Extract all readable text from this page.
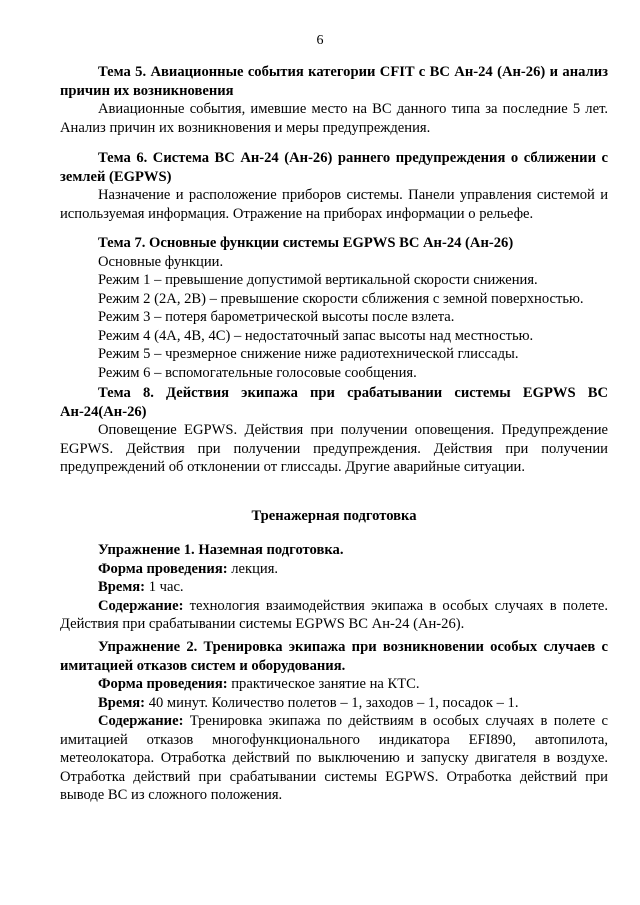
6
Тема 5. Авиационные события категории CFIT с ВС Ан-24 (Ан-26) и анализ причин их возникновения

Авиационные события, имевшие место на ВС данного типа за последние 5 лет. Анализ причин их возникновения и меры предупреждения.

Тема 6. Система ВС Ан-24 (Ан-26) раннего предупреждения о сближении с землей (EGPWS)

Назначение и расположение приборов системы. Панели управления системой и используемая информация. Отражение на приборах информации о рельефе.

Тема 7. Основные функции системы EGPWS ВС Ан-24 (Ан-26)
Основные функции.
Режим 1 – превышение допустимой вертикальной скорости снижения.
Режим 2 (2А, 2В) – превышение скорости сближения с земной поверхностью.
Режим 3 – потеря барометрической высоты после взлета.
Режим 4 (4А, 4В, 4С) – недостаточный запас высоты над местностью.
Режим 5 – чрезмерное снижение ниже радиотехнической глиссады.
Режим 6 – вспомогательные голосовые сообщения.
Тема 8. Действия экипажа при срабатывании системы EGPWS ВС Ан-24(Ан-26)

Оповещение EGPWS. Действия при получении оповещения. Предупреждение EGPWS. Действия при получении предупреждения. Действия при получении предупреждений об отклонении от глиссады. Другие аварийные ситуации.

Тренажерная подготовка
Упражнение 1. Наземная подготовка.

Форма проведения: лекция.

Время: 1 час.

Содержание: технология взаимодействия экипажа в особых случаях в полете. Действия при срабатывании системы EGPWS ВС Ан-24 (Ан-26).

Упражнение 2. Тренировка экипажа при возникновении особых случаев с имитацией отказов систем и оборудования.

Форма проведения: практическое занятие на КТС.

Время: 40 минут. Количество полетов – 1, заходов – 1, посадок – 1.

Содержание: Тренировка экипажа по действиям в особых случаях в полете с имитацией отказов многофункционального индикатора EFI890, автопилота, метеолокатора. Отработка действий по выключению и запуску двигателя в воздухе. Отработка действий при срабатывании системы EGPWS. Отработка действий при выводе ВС из сложного положения.
